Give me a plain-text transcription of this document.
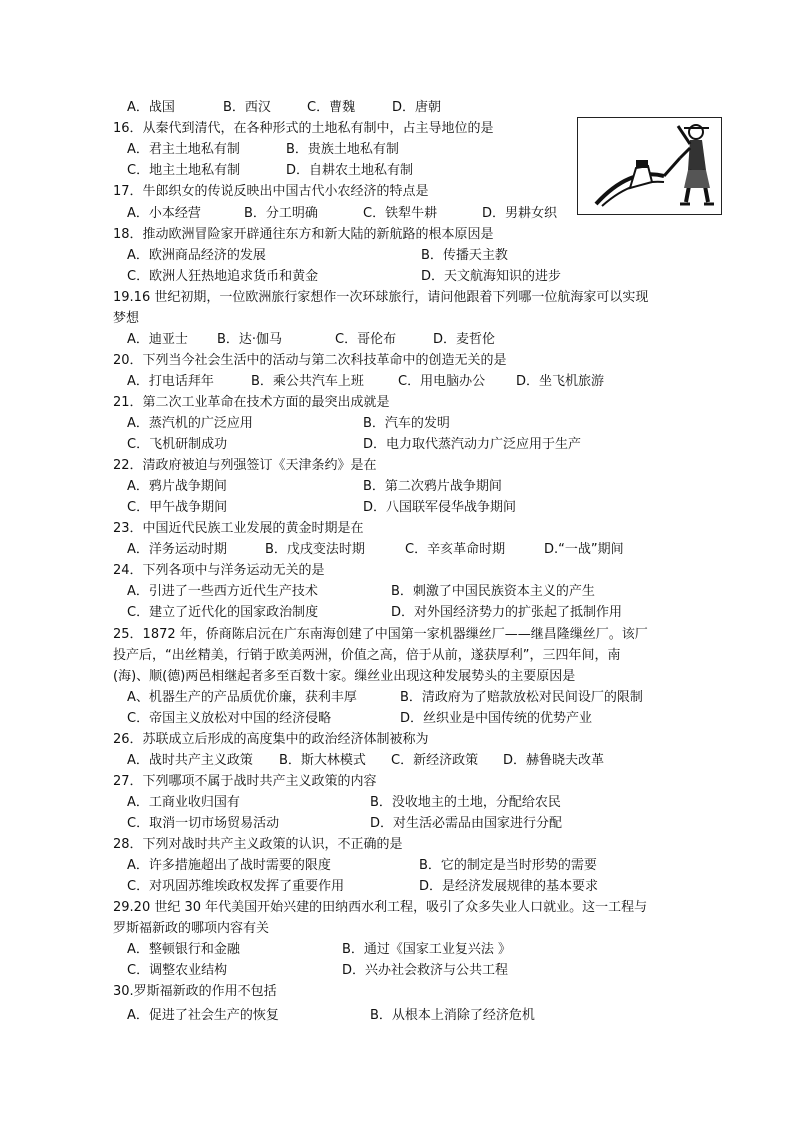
A．战国	B．西汉	C．曹魏	D．唐朝
16．从秦代到清代，在各种形式的土地私有制中，占主导地位的是
A．君主土地私有制	B．贵族土地私有制
C．地主土地私有制	D．自耕农土地私有制
17．牛郎织女的传说反映出中国古代小农经济的特点是
A．小本经营	B．分工明确	C．铁犁牛耕	D．男耕女织
18．推动欧洲冒险家开辟通往东方和新大陆的新航路的根本原因是
A．欧洲商品经济的发展	B．传播天主教
C．欧洲人狂热地追求货币和黄金	D．天文航海知识的进步
19.16 世纪初期，一位欧洲旅行家想作一次环球旅行，请问他跟着下列哪一位航海家可以实现
梦想
A．迪亚士 B．达·伽马	C．哥伦布	D．麦哲伦
20．下列当今社会生活中的活动与第二次科技革命中的创造无关的是
A．打电话拜年	B．乘公共汽车上班	C．用电脑办公 D．坐飞机旅游
21．第二次工业革命在技术方面的最突出成就是
A．蒸汽机的广泛应用	B．汽车的发明
C．飞机研制成功	D．电力取代蒸汽动力广泛应用于生产
22．清政府被迫与列强签订《天津条约》是在
A．鸦片战争期间	B．第二次鸦片战争期间
C．甲午战争期间	D．八国联军侵华战争期间
23．中国近代民族工业发展的黄金时期是在
A．洋务运动时期	B．戊戌变法时期	C．辛亥革命时期	D.“一战”期间
24．下列各项中与洋务运动无关的是
A．引进了一些西方近代生产技术	B．刺激了中国民族资本主义的产生
C．建立了近代化的国家政治制度	D．对外国经济势力的扩张起了抵制作用
25．1872 年，侨商陈启沅在广东南海创建了中国第一家机器缫丝厂——继昌隆缫丝厂。该厂
投产后，“出丝精美，行销于欧美两洲，价值之高，倍于从前，遂获厚利”，三四年间，南
(海)、顺(德)两邑相继起者多至百数十家。缫丝业出现这种发展势头的主要原因是
A、机器生产的产品质优价廉，获利丰厚	B．清政府为了赔款放松对民间设厂的限制
C．帝国主义放松对中国的经济侵略	D．丝织业是中国传统的优势产业
26．苏联成立后形成的高度集中的政治经济体制被称为
A．战时共产主义政策 B．斯大林模式 C．新经济政策 D．赫鲁晓夫改革
27．下列哪项不属于战时共产主义政策的内容
A．工商业收归国有	B．没收地主的土地，分配给农民
C．取消一切市场贸易活动	D．对生活必需品由国家进行分配
28．下列对战时共产主义政策的认识，不正确的是
A．许多措施超出了战时需要的限度	B．它的制定是当时形势的需要
C．对巩固苏维埃政权发挥了重要作用	D．是经济发展规律的基本要求
29.20 世纪 30 年代美国开始兴建的田纳西水利工程，吸引了众多失业人口就业。这一工程与
罗斯福新政的哪项内容有关
A．整顿银行和金融	B．通过《国家工业复兴法 》
C．调整农业结构	D．兴办社会救济与公共工程
30.罗斯福新政的作用不包括
A．促进了社会生产的恢复	B．从根本上消除了经济危机
